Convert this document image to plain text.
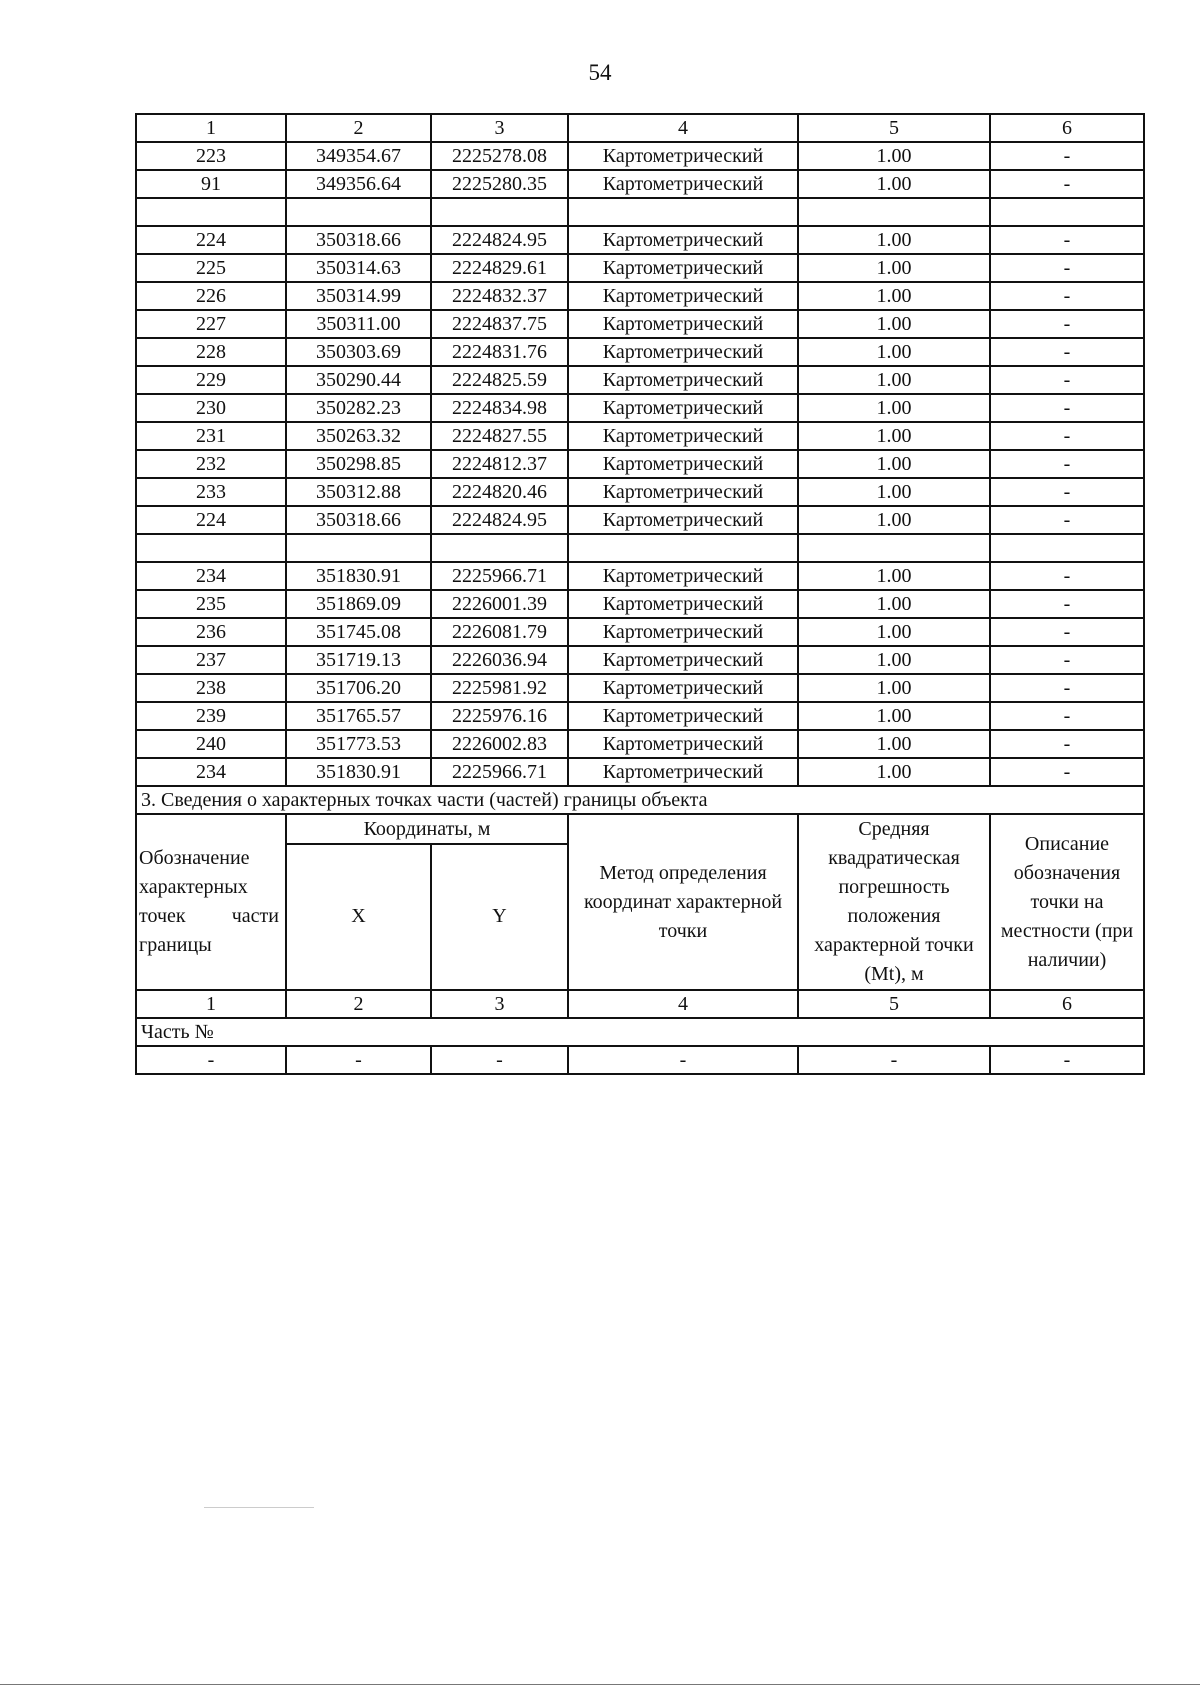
54
1	2	3	4	5	6
223	349354.67	2225278.08	Картометрический	1.00	-
91	349356.64	2225280.35	Картометрический	1.00	-

224	350318.66	2224824.95	Картометрический	1.00	-
225	350314.63	2224829.61	Картометрический	1.00	-
226	350314.99	2224832.37	Картометрический	1.00	-
227	350311.00	2224837.75	Картометрический	1.00	-
228	350303.69	2224831.76	Картометрический	1.00	-
229	350290.44	2224825.59	Картометрический	1.00	-
230	350282.23	2224834.98	Картометрический	1.00	-
231	350263.32	2224827.55	Картометрический	1.00	-
232	350298.85	2224812.37	Картометрический	1.00	-
233	350312.88	2224820.46	Картометрический	1.00	-
224	350318.66	2224824.95	Картометрический	1.00	-

234	351830.91	2225966.71	Картометрический	1.00	-
235	351869.09	2226001.39	Картометрический	1.00	-
236	351745.08	2226081.79	Картометрический	1.00	-
237	351719.13	2226036.94	Картометрический	1.00	-
238	351706.20	2225981.92	Картометрический	1.00	-
239	351765.57	2225976.16	Картометрический	1.00	-
240	351773.53	2226002.83	Картометрический	1.00	-
234	351830.91	2225966.71	Картометрический	1.00	-
3. Сведения о характерных точках части (частей) границы объекта					

Обозначение характерных точек части границы	Координаты, м		Метод определения координат характерной точки	Средняя квадратическая погрешность положения характерной точки (Mt), м	Описание обозначения точки на местности (при наличии)
	X	Y			
1	2	3	4	5	6
Часть №					
-	-	-	-	-	-
